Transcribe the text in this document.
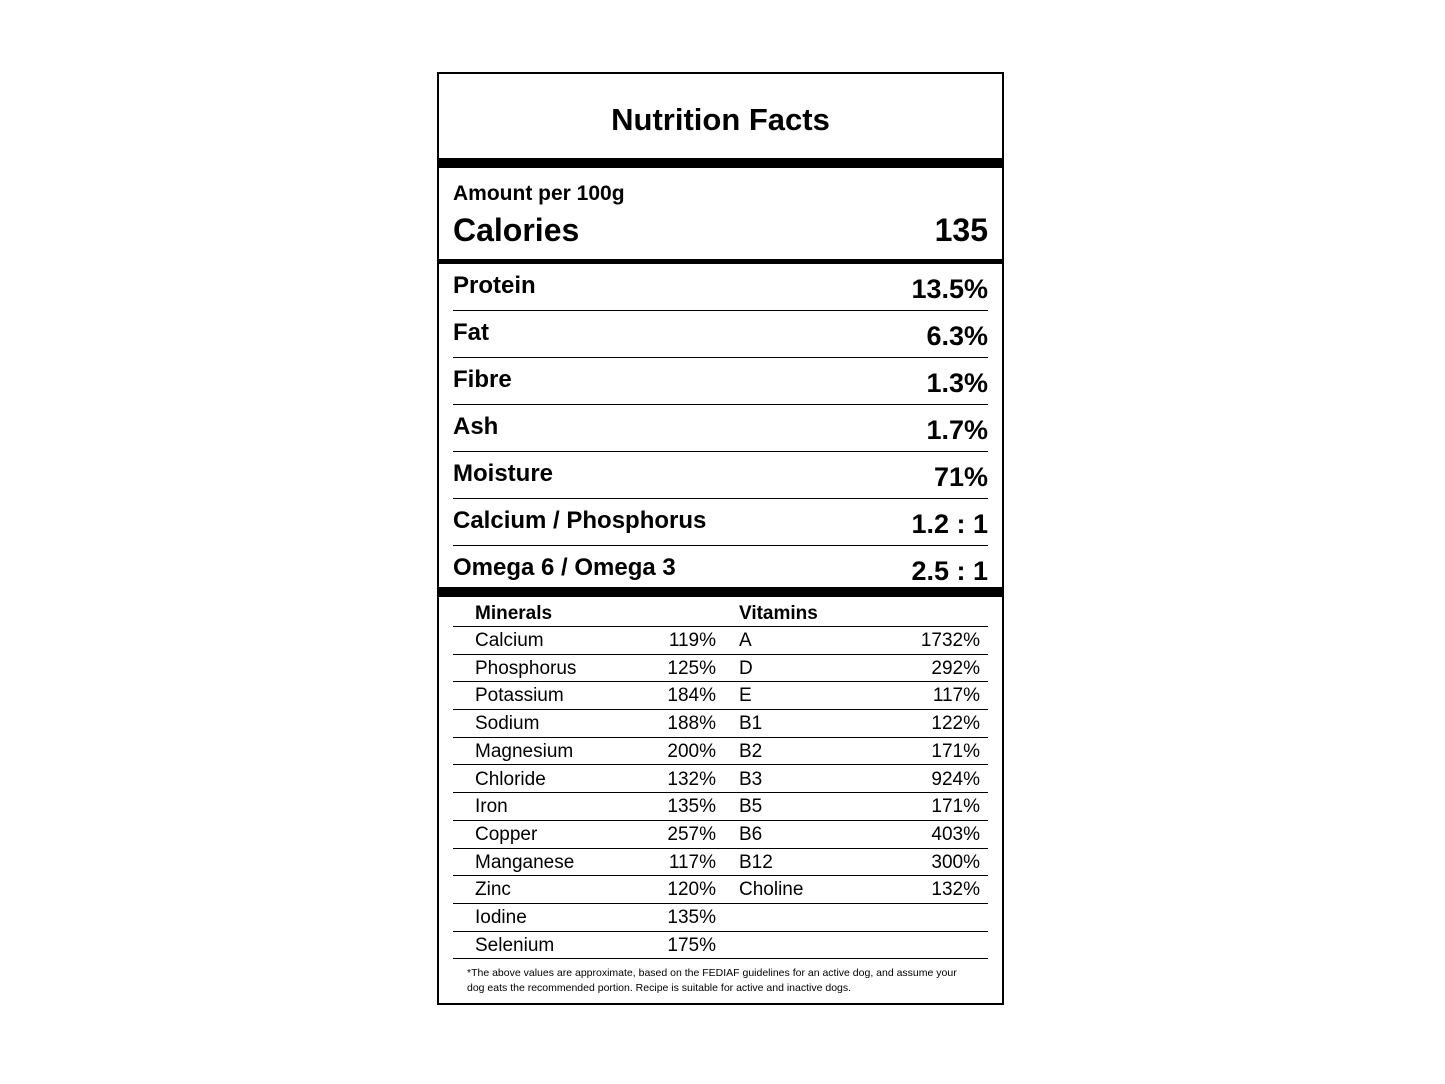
Nutrition Facts
Amount per 100g
Calories	135
Protein	13.5%
Fat	6.3%
Fibre	1.3%
Ash	1.7%
Moisture	71%
Calcium / Phosphorus	1.2 : 1
Omega 6 / Omega 3	2.5 : 1
Minerals	Vitamins
Calcium	119% A	1732%
Phosphorus	125% D	292%
Potassium	184% E	117%
Sodium	188% B1	122%
Magnesium	200% B2	171%
Chloride	132% B3	924%
Iron	135% B5	171%
Copper	257% B6	403%
Manganese	117% B12	300%
Zinc	120% Choline	132%
Iodine	135%
Selenium	175%
*The above values are approximate, based on the FEDIAF guidelines for an active dog, and assume your dog eats the recommended portion. Recipe is suitable for active and inactive dogs.
